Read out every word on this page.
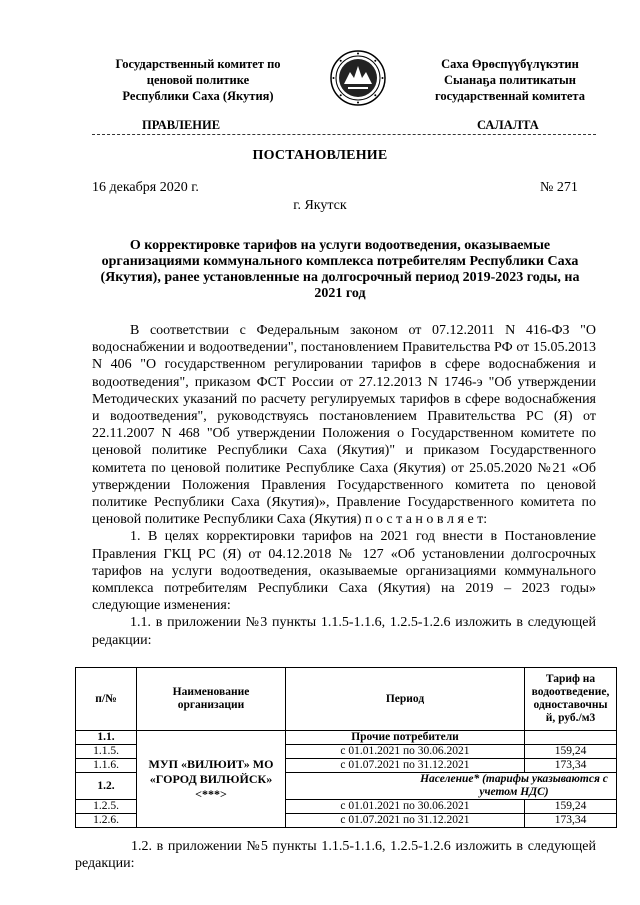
Государственный комитет по
ценовой политике
Республики Саха (Якутия)
Саха Өрөспүүбүлүкэтин
Сыанаҕа политикатын
государственнай комитета
ПРАВЛЕНИЕ	САЛАЛТА
ПОСТАНОВЛЕНИЕ
16 декабря 2020 г.	№ 271
г. Якутск
О корректировке тарифов на услуги водоотведения, оказываемые организациями коммунального комплекса потребителям Республики Саха (Якутия), ранее установленные на долгосрочный период 2019-2023 годы, на 2021 год

В соответствии с Федеральным законом от 07.12.2011 N 416-ФЗ "О водоснабжении и водоотведении", постановлением Правительства РФ от 15.05.2013 N 406 "О государственном регулировании тарифов в сфере водоснабжения и водоотведения", приказом ФСТ России от 27.12.2013 N 1746-э "Об утверждении Методических указаний по расчету регулируемых тарифов в сфере водоснабжения и водоотведения", руководствуясь постановлением Правительства РС (Я) от 22.11.2007 N 468 "Об утверждении Положения о Государственном комитете по ценовой политике Республики Саха (Якутия)" и приказом Государственного комитета по ценовой политике Республике Саха (Якутия) от 25.05.2020 №21 «Об утверждении Положения Правления Государственного комитета по ценовой политике Республики Саха (Якутия)», Правление Государственного комитета по ценовой политике Республики Саха (Якутия) п о с т а н о в л я е т:

1. В целях корректировки тарифов на 2021 год внести в Постановление Правления ГКЦ РС (Я) от 04.12.2018 № 127 «Об установлении долгосрочных тарифов на услуги водоотведения, оказываемые организациями коммунального комплекса потребителям Республики Саха (Якутия) на 2019 – 2023 годы» следующие изменения:

1.1. в приложении №3 пункты 1.1.5-1.1.6, 1.2.5-1.2.6 изложить в следующей редакции:

п/№	Наименование организации	Период	Тариф на водоотведение, одноставочны й, руб./м3
1.1.	МУП «ВИЛЮИТ» МО «ГОРОД ВИЛЮЙСК» <***>	Прочие потребители	
1.1.5.		с 01.01.2021 по 30.06.2021	159,24
1.1.6.		с 01.07.2021 по 31.12.2021	173,34
1.2.		Население* (тарифы указываются с учетом НДС)	
1.2.5.		с 01.01.2021 по 30.06.2021	159,24
1.2.6.		с 01.07.2021 по 31.12.2021	173,34

1.2. в приложении №5 пункты 1.1.5-1.1.6, 1.2.5-1.2.6 изложить в следующей редакции:
